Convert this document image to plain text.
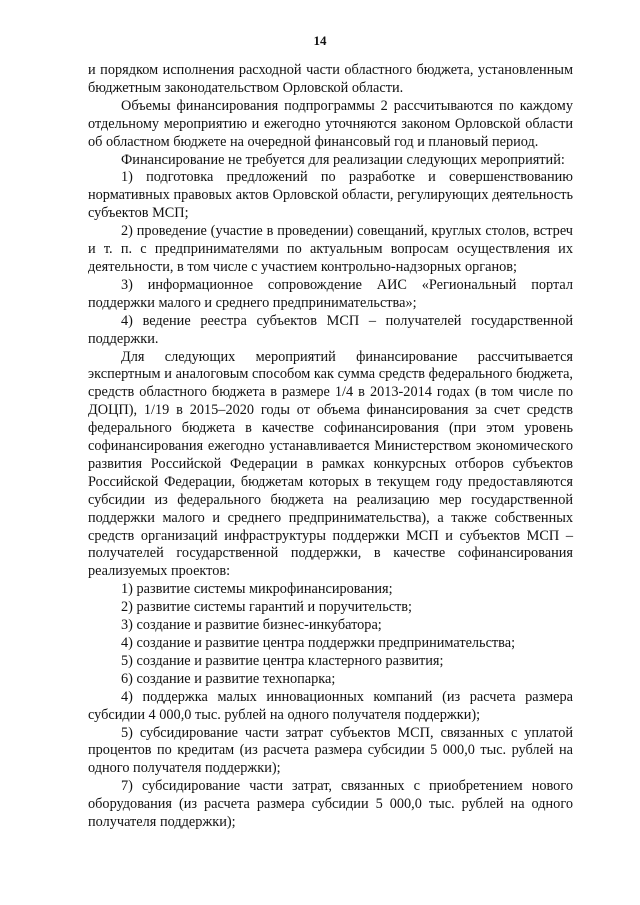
14

и порядком исполнения расходной части областного бюджета, установленным бюджетным законодательством Орловской области.

Объемы финансирования подпрограммы 2 рассчитываются по каждому отдельному мероприятию и ежегодно уточняются законом Орловской области об областном бюджете на очередной финансовый год и плановый период.

Финансирование не требуется для реализации следующих мероприятий:

1) подготовка предложений по разработке и совершенствованию нормативных правовых актов Орловской области, регулирующих деятельность субъектов МСП;

2) проведение (участие в проведении) совещаний, круглых столов, встреч и т. п. с предпринимателями по актуальным вопросам осуществления их деятельности, в том числе с участием контрольно-надзорных органов;

3) информационное сопровождение АИС «Региональный портал поддержки малого и среднего предпринимательства»;

4) ведение реестра субъектов МСП – получателей государственной поддержки.

Для следующих мероприятий финансирование рассчитывается экспертным и аналоговым способом как сумма средств федерального бюджета, средств областного бюджета в размере 1/4 в 2013-2014 годах (в том числе по ДОЦП), 1/19 в 2015–2020 годы от объема финансирования за счет средств федерального бюджета в качестве софинансирования (при этом уровень софинансирования ежегодно устанавливается Министерством экономического развития Российской Федерации в рамках конкурсных отборов субъектов Российской Федерации, бюджетам которых в текущем году предоставляются субсидии из федерального бюджета на реализацию мер государственной поддержки малого и среднего предпринимательства), а также собственных средств организаций инфраструктуры поддержки МСП и субъектов МСП – получателей государственной поддержки, в качестве софинансирования реализуемых проектов:

1) развитие системы микрофинансирования;

2) развитие системы гарантий и поручительств;

3) создание и развитие бизнес-инкубатора;

4) создание и развитие центра поддержки предпринимательства;

5) создание и развитие центра кластерного развития;

6) создание и развитие технопарка;

4) поддержка малых инновационных компаний (из расчета размера субсидии 4 000,0 тыс. рублей на одного получателя поддержки);

5) субсидирование части затрат субъектов МСП, связанных с уплатой процентов по кредитам (из расчета размера субсидии 5 000,0 тыс. рублей на одного получателя поддержки);

7) субсидирование части затрат, связанных с приобретением нового оборудования (из расчета размера субсидии 5 000,0 тыс. рублей на одного получателя поддержки);
